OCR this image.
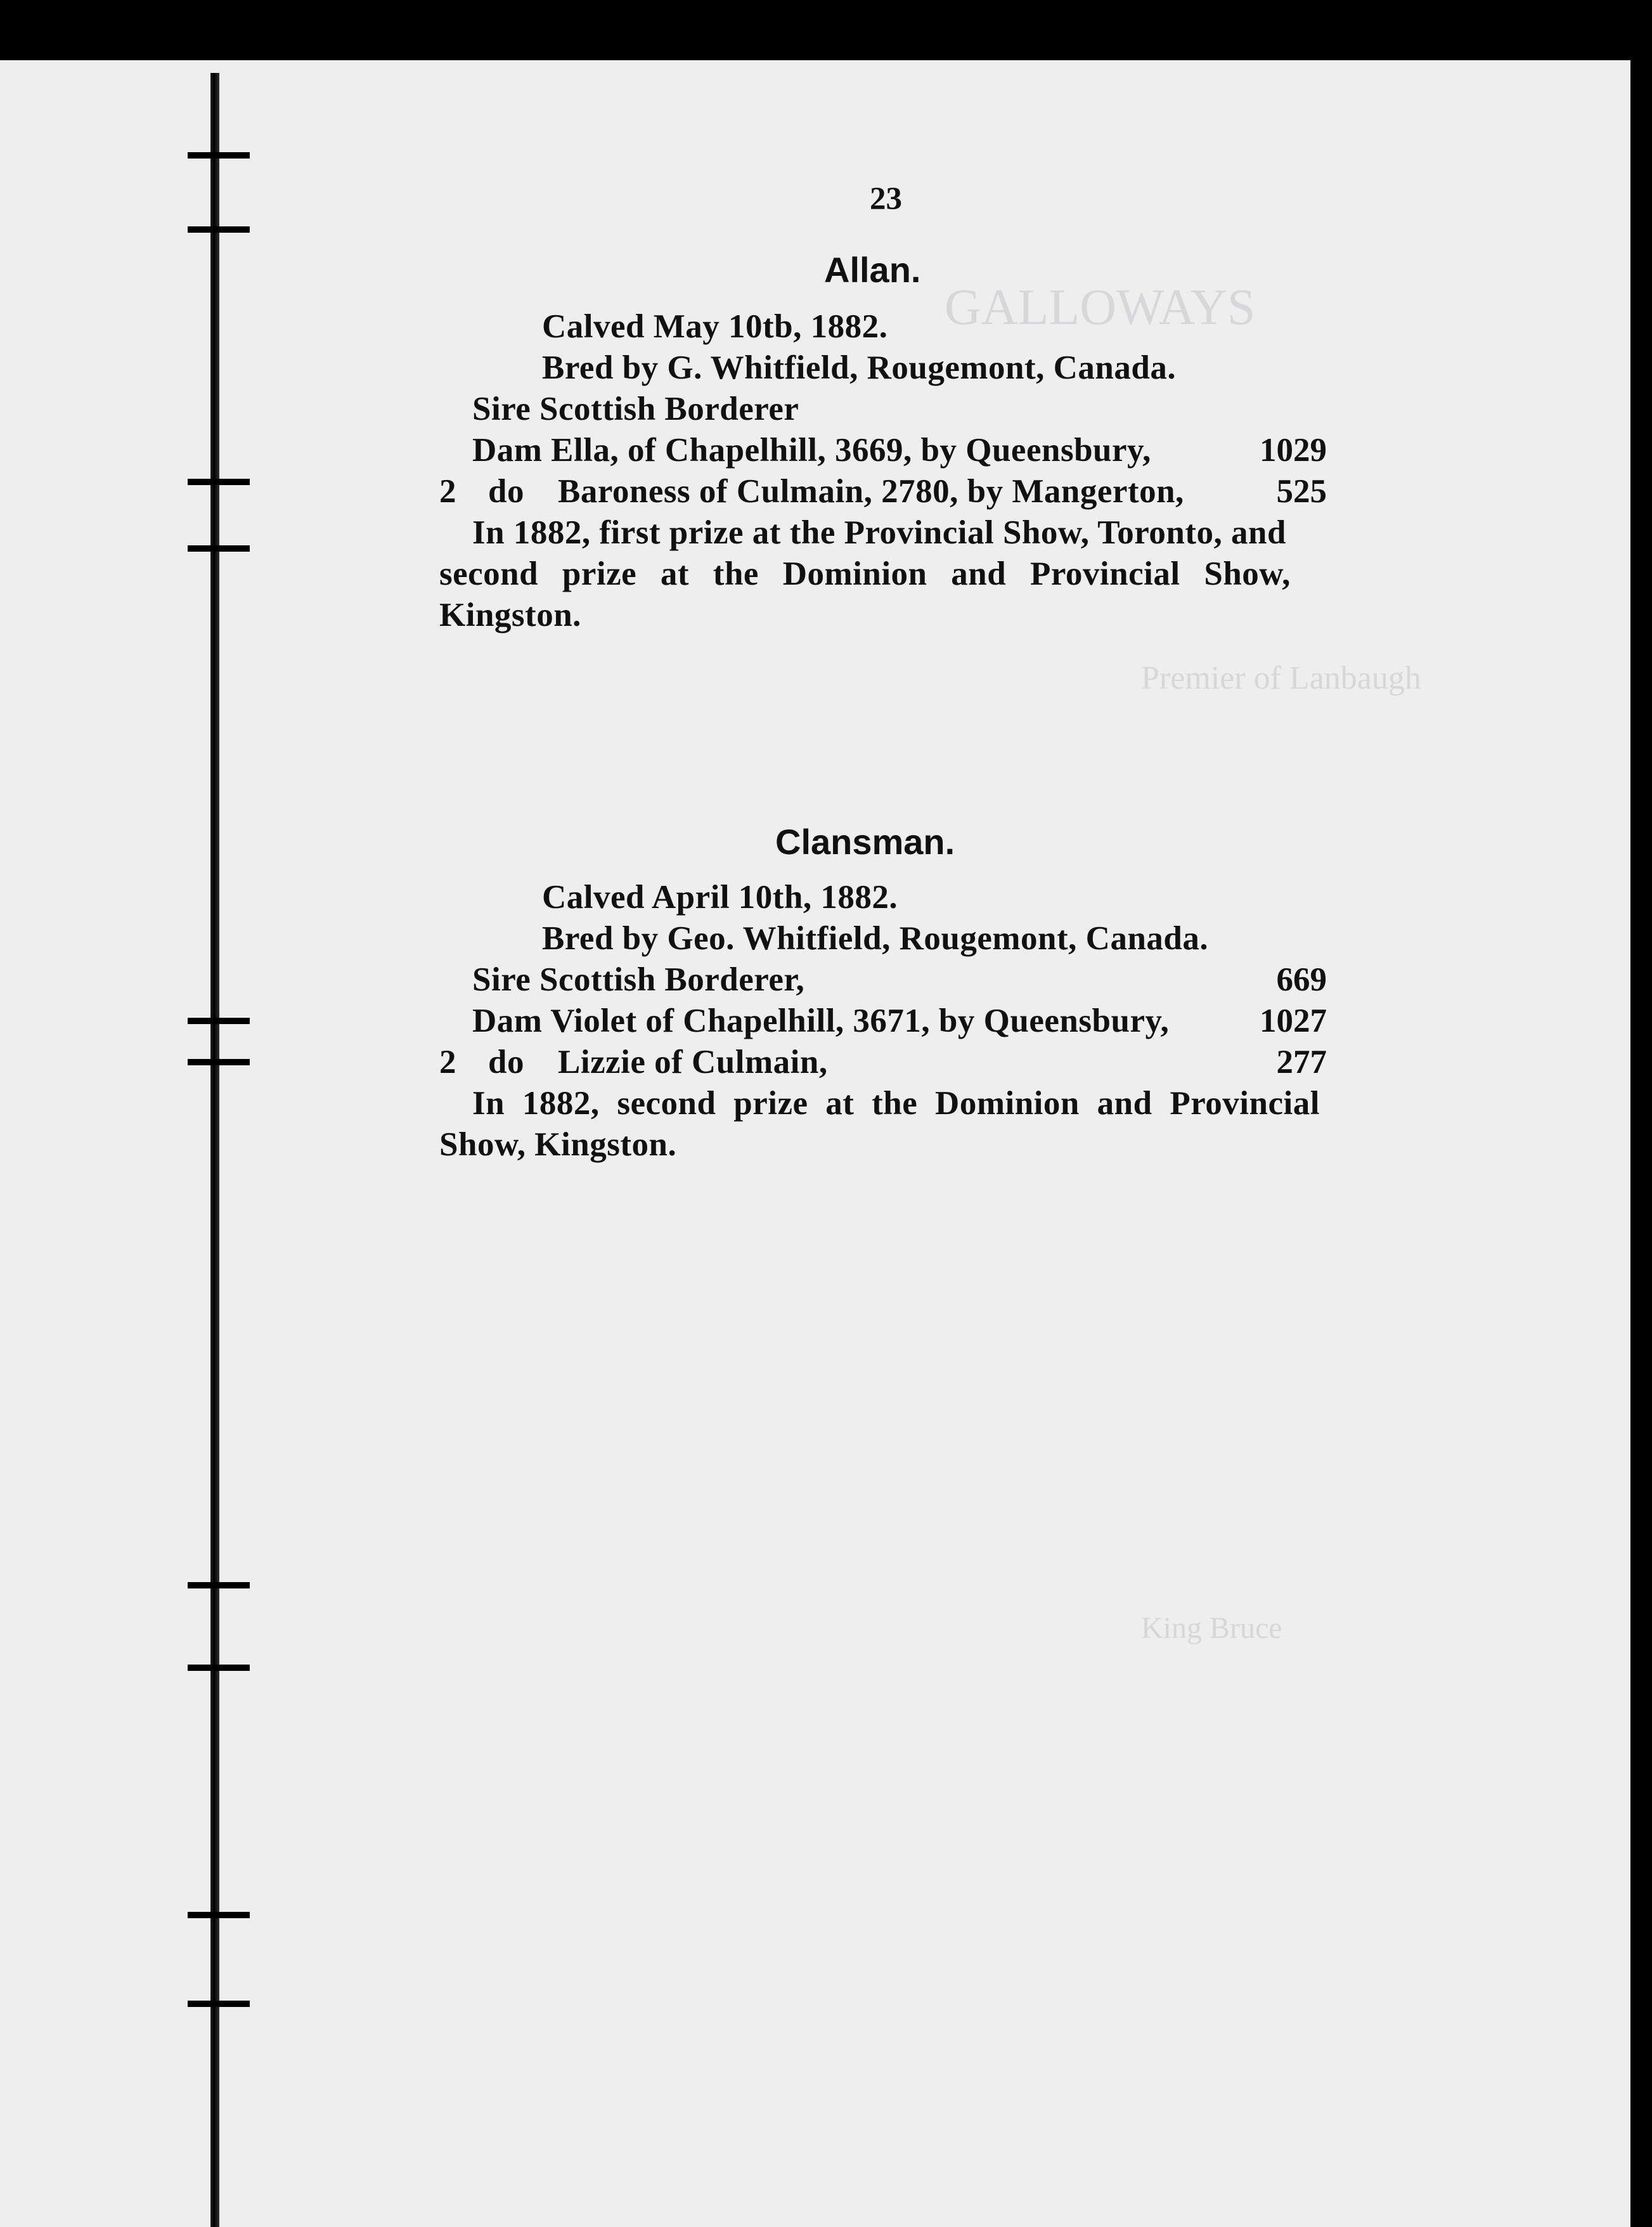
GALLOWAYS
Premier of Lanbaugh
King Bruce
23
Allan.
Calved May 10tb, 1882.
Bred by G. Whitfield, Rougemont, Canada.
Sire Scottish Borderer
Dam Ella, of Chapelhill, 3669, by Queensbury,	1029
2 do Baroness of Culmain, 2780, by Mangerton,	525
In 1882, first prize at the Provincial Show, Toronto, and
second prize at the Dominion and Provincial Show,
Kingston.
Clansman.
Calved April 10th, 1882.
Bred by Geo. Whitfield, Rougemont, Canada.
Sire Scottish Borderer,	669
Dam Violet of Chapelhill, 3671, by Queensbury,	1027
2 do Lizzie of Culmain,	277
In 1882, second prize at the Dominion and Provincial
Show, Kingston.
